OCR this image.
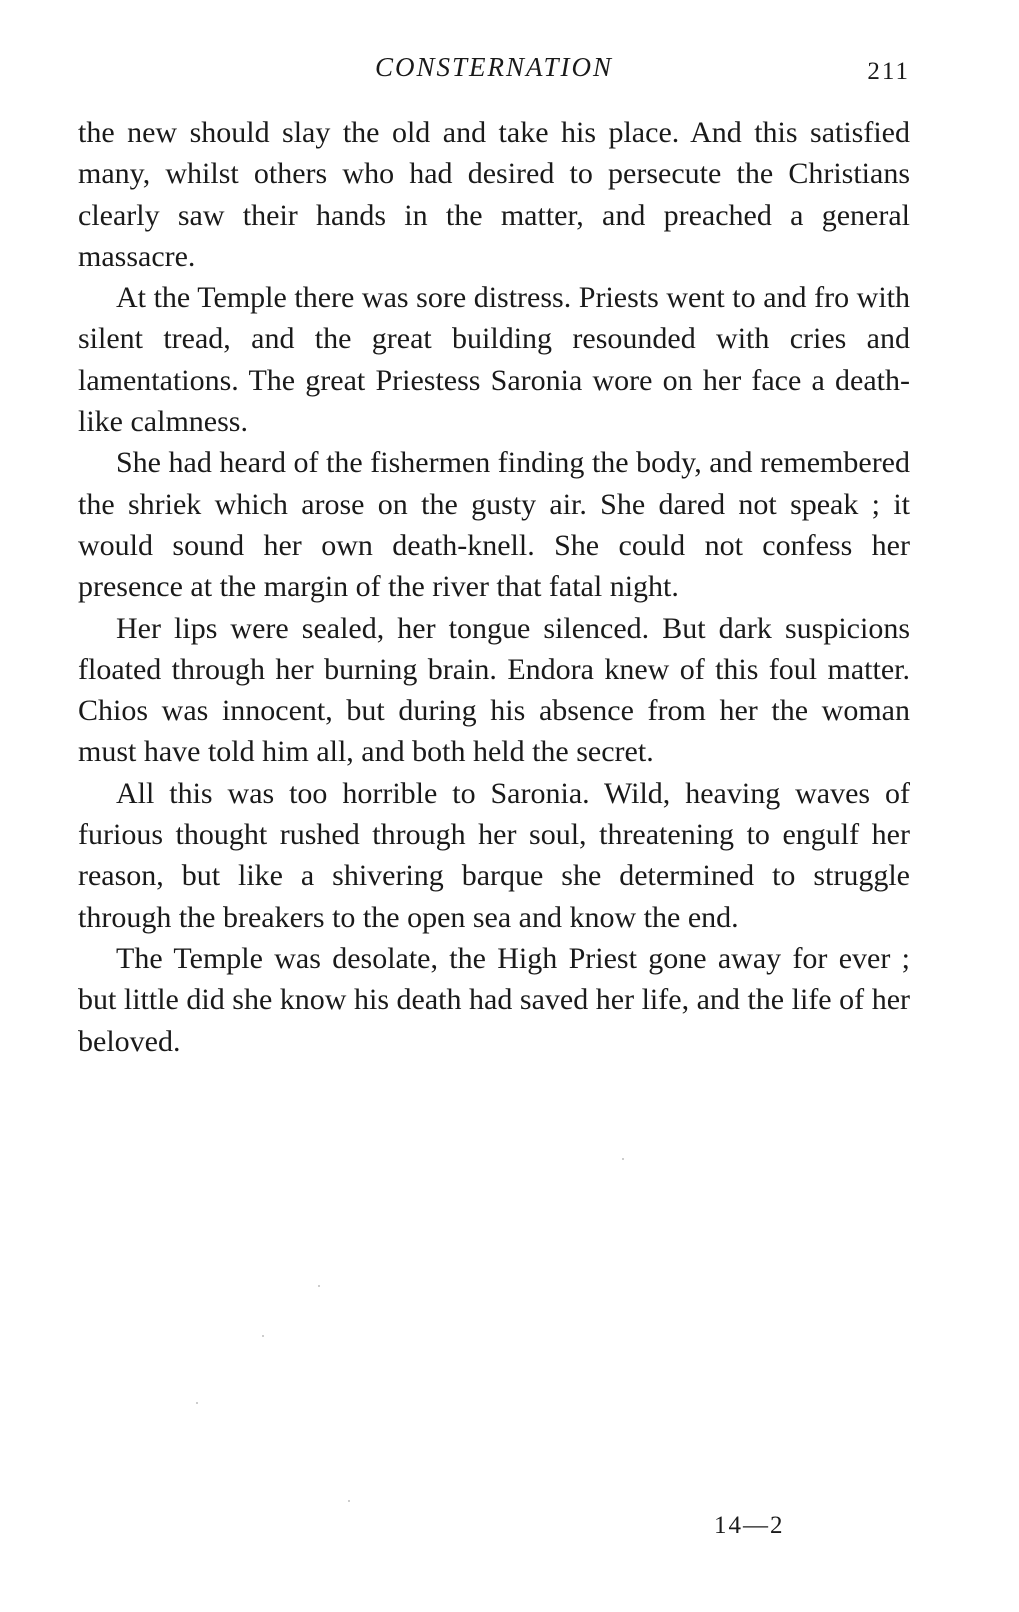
CONSTERNATION	211

the new should slay the old and take his place. And this satisfied many, whilst others who had desired to persecute the Christians clearly saw their hands in the matter, and preached a general massacre.

At the Temple there was sore distress. Priests went to and fro with silent tread, and the great building resounded with cries and lamentations. The great Priestess Saronia wore on her face a death-like calmness.

She had heard of the fishermen finding the body, and remembered the shriek which arose on the gusty air. She dared not speak ; it would sound her own death-knell. She could not confess her presence at the margin of the river that fatal night.

Her lips were sealed, her tongue silenced. But dark suspicions floated through her burning brain. Endora knew of this foul matter. Chios was innocent, but during his absence from her the woman must have told him all, and both held the secret.

All this was too horrible to Saronia. Wild, heaving waves of furious thought rushed through her soul, threatening to engulf her reason, but like a shivering barque she determined to struggle through the breakers to the open sea and know the end.

The Temple was desolate, the High Priest gone away for ever ; but little did she know his death had saved her life, and the life of her beloved.

14—2
